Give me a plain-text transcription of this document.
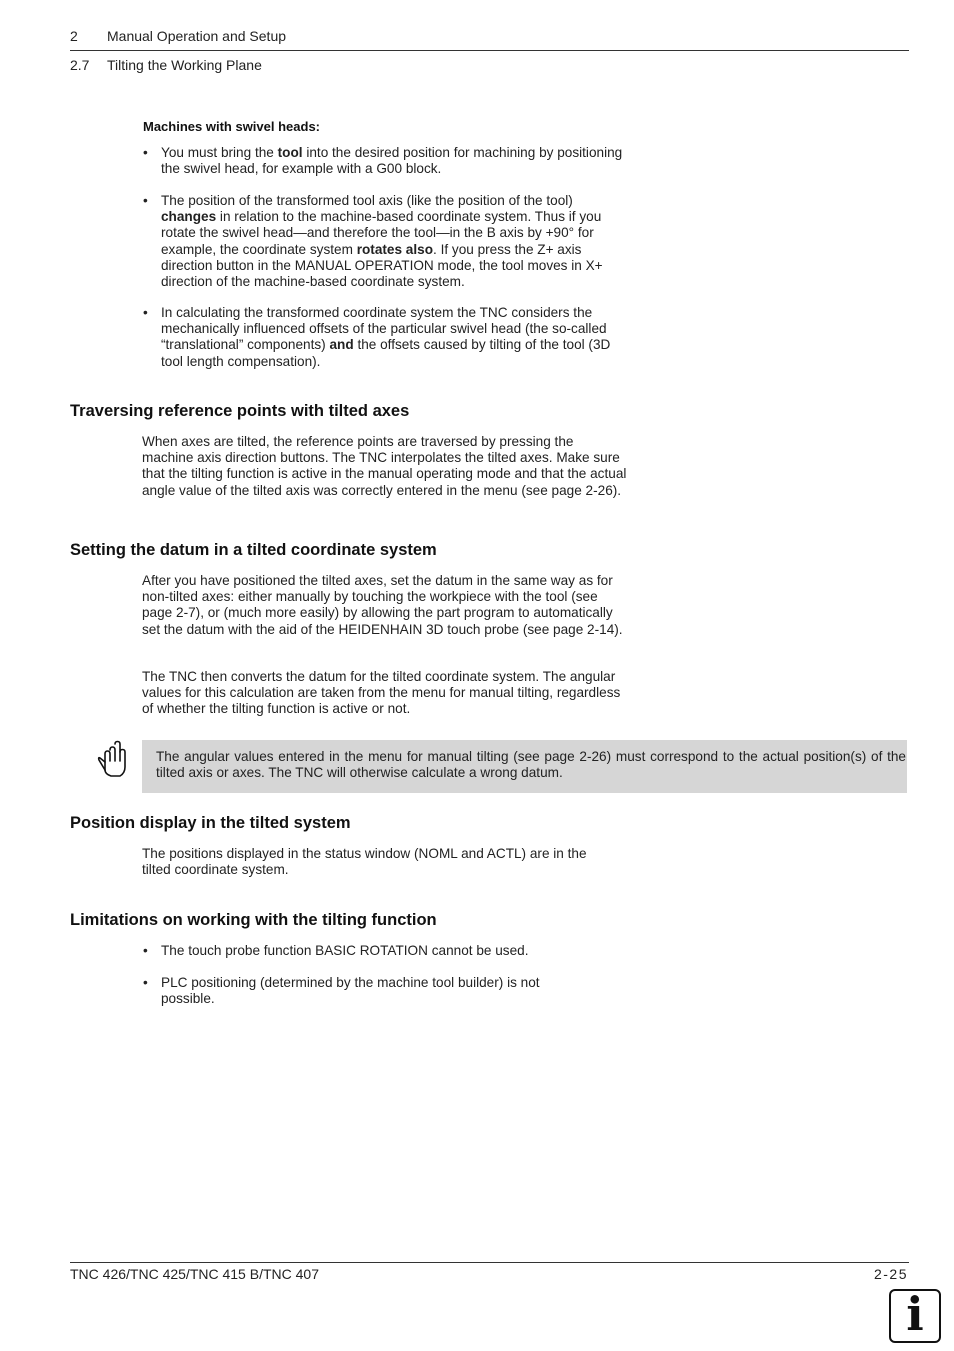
2 Manual Operation and Setup
2.7 Tilting the Working Plane
Machines with swivel heads:
• You must bring the tool into the desired position for machining by positioning the swivel head, for example with a G00 block.
• The position of the transformed tool axis (like the position of the tool) changes in relation to the machine-based coordinate system. Thus if you rotate the swivel head—and therefore the tool—in the B axis by +90° for example, the coordinate system rotates also. If you press the Z+ axis direction button in the MANUAL OPERATION mode, the tool moves in X+ direction of the machine-based coordinate system.
• In calculating the transformed coordinate system the TNC considers the mechanically influenced offsets of the particular swivel head (the so-called “translational” components) and the offsets caused by tilting of the tool (3D tool length compensation).
Traversing reference points with tilted axes
When axes are tilted, the reference points are traversed by pressing the machine axis direction buttons. The TNC interpolates the tilted axes. Make sure that the tilting function is active in the manual operating mode and that the actual angle value of the tilted axis was correctly entered in the menu (see page 2-26).
Setting the datum in a tilted coordinate system
After you have positioned the tilted axes, set the datum in the same way as for non-tilted axes: either manually by touching the workpiece with the tool (see page 2-7), or (much more easily) by allowing the part program to automatically set the datum with the aid of the HEIDENHAIN 3D touch probe (see page 2-14).
The TNC then converts the datum for the tilted coordinate system. The angular values for this calculation are taken from the menu for manual tilting, regardless of whether the tilting function is active or not.
The angular values entered in the menu for manual tilting (see page 2-26) must correspond to the actual position(s) of the tilted axis or axes. The TNC will otherwise calculate a wrong datum.
Position display in the tilted system
The positions displayed in the status window (NOML and ACTL) are in the tilted coordinate system.
Limitations on working with the tilting function
• The touch probe function BASIC ROTATION cannot be used.
• PLC positioning (determined by the machine tool builder) is not possible.
TNC 426/TNC 425/TNC 415 B/TNC 407	2-25
i
